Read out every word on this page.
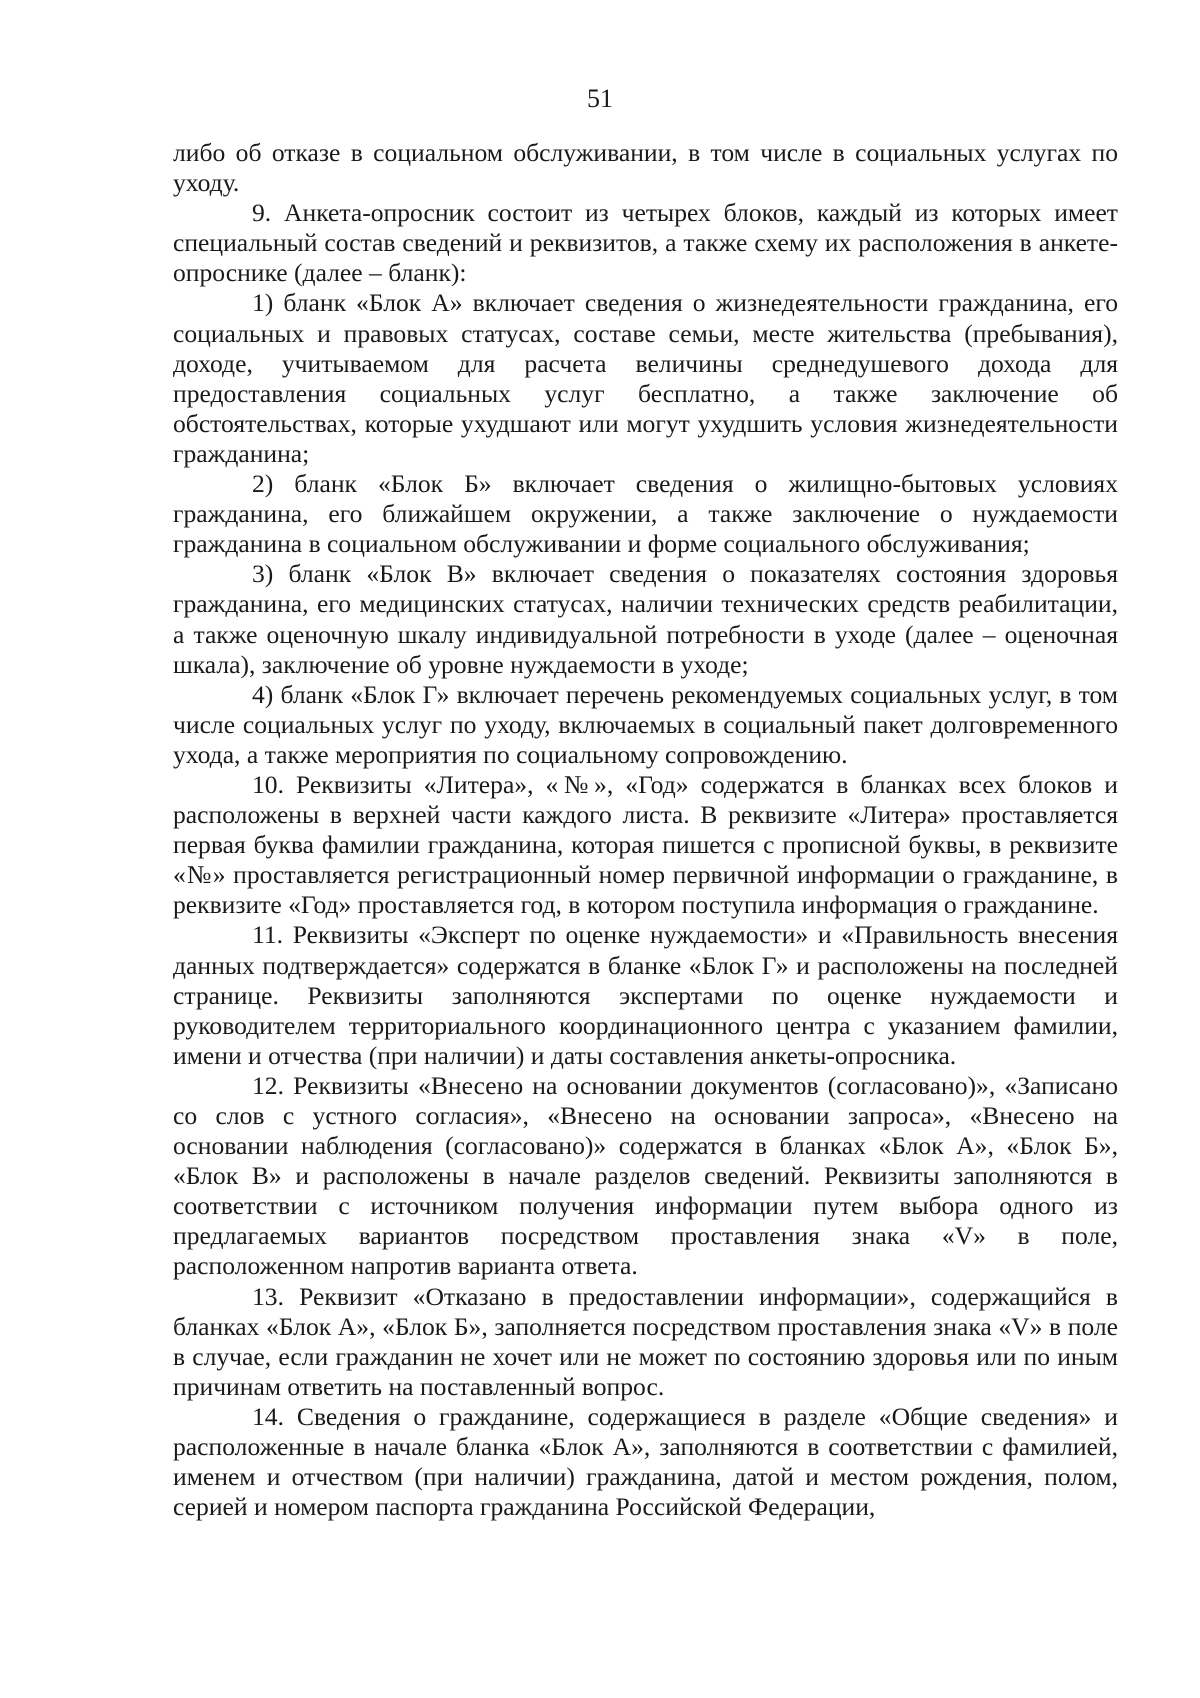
51

либо об отказе в социальном обслуживании, в том числе в социальных услугах по уходу.

9. Анкета-опросник состоит из четырех блоков, каждый из которых имеет специальный состав сведений и реквизитов, а также схему их расположения в анкете-опроснике (далее – бланк):

1) бланк «Блок А» включает сведения о жизнедеятельности гражданина, его социальных и правовых статусах, составе семьи, месте жительства (пребывания), доходе, учитываемом для расчета величины среднедушевого дохода для предоставления социальных услуг бесплатно, а также заключение об обстоятельствах, которые ухудшают или могут ухудшить условия жизнедеятельности гражданина;

2) бланк «Блок Б» включает сведения о жилищно-бытовых условиях гражданина, его ближайшем окружении, а также заключение о нуждаемости гражданина в социальном обслуживании и форме социального обслуживания;

3) бланк «Блок В» включает сведения о показателях состояния здоровья гражданина, его медицинских статусах, наличии технических средств реабилитации, а также оценочную шкалу индивидуальной потребности в уходе (далее – оценочная шкала), заключение об уровне нуждаемости в уходе;

4) бланк «Блок Г» включает перечень рекомендуемых социальных услуг, в том числе социальных услуг по уходу, включаемых в социальный пакет долговременного ухода, а также мероприятия по социальному сопровождению.

10. Реквизиты «Литера», «№», «Год» содержатся в бланках всех блоков и расположены в верхней части каждого листа. В реквизите «Литера» проставляется первая буква фамилии гражданина, которая пишется с прописной буквы, в реквизите «№» проставляется регистрационный номер первичной информации о гражданине, в реквизите «Год» проставляется год, в котором поступила информация о гражданине.

11. Реквизиты «Эксперт по оценке нуждаемости» и «Правильность внесения данных подтверждается» содержатся в бланке «Блок Г» и расположены на последней странице. Реквизиты заполняются экспертами по оценке нуждаемости и руководителем территориального координационного центра с указанием фамилии, имени и отчества (при наличии) и даты составления анкеты-опросника.

12. Реквизиты «Внесено на основании документов (согласовано)», «Записано со слов с устного согласия», «Внесено на основании запроса», «Внесено на основании наблюдения (согласовано)» содержатся в бланках «Блок А», «Блок Б», «Блок В» и расположены в начале разделов сведений. Реквизиты заполняются в соответствии с источником получения информации путем выбора одного из предлагаемых вариантов посредством проставления знака «V» в поле, расположенном напротив варианта ответа.

13. Реквизит «Отказано в предоставлении информации», содержащийся в бланках «Блок А», «Блок Б», заполняется посредством проставления знака «V» в поле в случае, если гражданин не хочет или не может по состоянию здоровья или по иным причинам ответить на поставленный вопрос.

14. Сведения о гражданине, содержащиеся в разделе «Общие сведения» и расположенные в начале бланка «Блок А», заполняются в соответствии с фамилией, именем и отчеством (при наличии) гражданина, датой и местом рождения, полом, серией и номером паспорта гражданина Российской Федерации,
